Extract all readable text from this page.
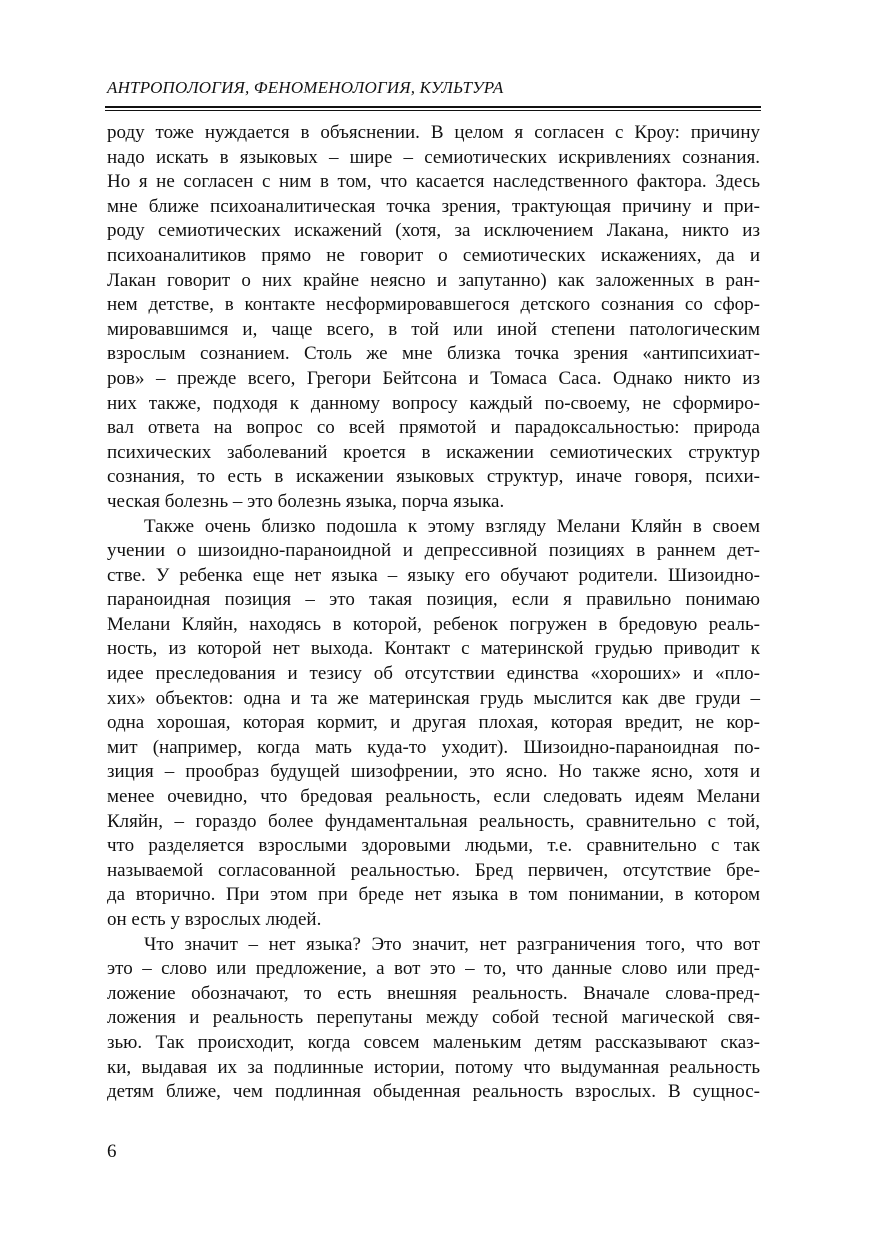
АНТРОПОЛОГИЯ, ФЕНОМЕНОЛОГИЯ, КУЛЬТУРА
роду тоже нуждается в объяснении. В целом я согласен с Кроу: причину
надо искать в языковых – шире – семиотических искривлениях сознания.
Но я не согласен с ним в том, что касается наследственного фактора. Здесь
мне ближе психоаналитическая точка зрения, трактующая причину и при-
роду семиотических искажений (хотя, за исключением Лакана, никто из
психоаналитиков прямо не говорит о семиотических искажениях, да и
Лакан говорит о них крайне неясно и запутанно) как заложенных в ран-
нем детстве, в контакте несформировавшегося детского сознания со сфор-
мировавшимся и, чаще всего, в той или иной степени патологическим
взрослым сознанием. Столь же мне близка точка зрения «антипсихиат-
ров» – прежде всего, Грегори Бейтсона и Томаса Саса. Однако никто из
них также, подходя к данному вопросу каждый по-своему, не сформиро-
вал ответа на вопрос со всей прямотой и парадоксальностью: природа
психических заболеваний кроется в искажении семиотических структур
сознания, то есть в искажении языковых структур, иначе говоря, психи-
ческая болезнь – это болезнь языка, порча языка.
Также очень близко подошла к этому взгляду Мелани Кляйн в своем
учении о шизоидно-параноидной и депрессивной позициях в раннем дет-
стве. У ребенка еще нет языка – языку его обучают родители. Шизоидно-
параноидная позиция – это такая позиция, если я правильно понимаю
Мелани Кляйн, находясь в которой, ребенок погружен в бредовую реаль-
ность, из которой нет выхода. Контакт с материнской грудью приводит к
идее преследования и тезису об отсутствии единства «хороших» и «пло-
хих» объектов: одна и та же материнская грудь мыслится как две груди –
одна хорошая, которая кормит, и другая плохая, которая вредит, не кор-
мит (например, когда мать куда-то уходит). Шизоидно-параноидная по-
зиция – прообраз будущей шизофрении, это ясно. Но также ясно, хотя и
менее очевидно, что бредовая реальность, если следовать идеям Мелани
Кляйн, – гораздо более фундаментальная реальность, сравнительно с той,
что разделяется взрослыми здоровыми людьми, т.е. сравнительно с так
называемой согласованной реальностью. Бред первичен, отсутствие бре-
да вторично. При этом при бреде нет языка в том понимании, в котором
он есть у взрослых людей.
Что значит – нет языка? Это значит, нет разграничения того, что вот
это – слово или предложение, а вот это – то, что данные слово или пред-
ложение обозначают, то есть внешняя реальность. Вначале слова-пред-
ложения и реальность перепутаны между собой тесной магической свя-
зью. Так происходит, когда совсем маленьким детям рассказывают сказ-
ки, выдавая их за подлинные истории, потому что выдуманная реальность
детям ближе, чем подлинная обыденная реальность взрослых. В сущнос-
6
